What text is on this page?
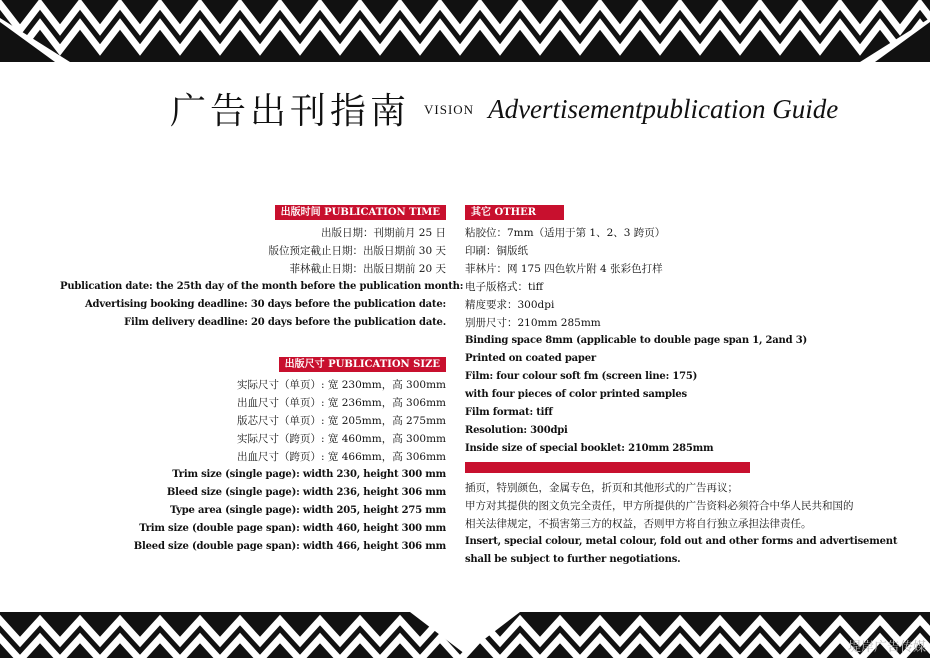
广告出刊指南 VISION Advertisementpublication Guide
出版时间 PUBLICATION TIME
出版日期：刊期前月 25 日
版位预定截止日期：出版日期前 30 天
菲林截止日期：出版日期前 20 天
Publication date: the 25th day of the month before the publication month:
Advertising booking deadline: 30 days before the publication date:
Film delivery deadline: 20 days before the publication date.
出版尺寸 PUBLICATION SIZE
实际尺寸（单页）: 宽 230mm，高 300mm
出血尺寸（单页）: 宽 236mm，高 306mm
版芯尺寸（单页）: 宽 205mm，高 275mm
实际尺寸（跨页）: 宽 460mm，高 300mm
出血尺寸（跨页）: 宽 466mm，高 306mm
Trim size (single page): width 230, height 300 mm
Bleed size (single page): width 236, height 306 mm
Type area (single page): width 205, height 275 mm
Trim size (double page span): width 460, height 300 mm
Bleed size (double page span): width 466, height 306 mm
其它 OTHER
粘胶位：7mm（适用于第 1、2、3 跨页）
印刷：铜版纸
菲林片：网 175 四色软片附 4 张彩色打样
电子版格式：tiff
精度要求：300dpi
别册尺寸：210mm 285mm
Binding space 8mm (applicable to double page span 1, 2and 3)
Printed on coated paper
Film: four colour soft fm (screen line: 175)
with four pieces of color printed samples
Film format: tiff
Resolution: 300dpi
Inside size of special booklet: 210mm 285mm
插页，特别颜色，金属专色，折页和其他形式的广告再议；
甲方对其提供的图文负完全责任，甲方所提供的广告资料必须符合中华人民共和国的
相关法律规定，不损害第三方的权益，否则甲方将自行独立承担法律责任。
Insert, special colour, metal colour, fold out and other forms and advertisement
shall be subject to further negotiations.
堤岸广告传媒
